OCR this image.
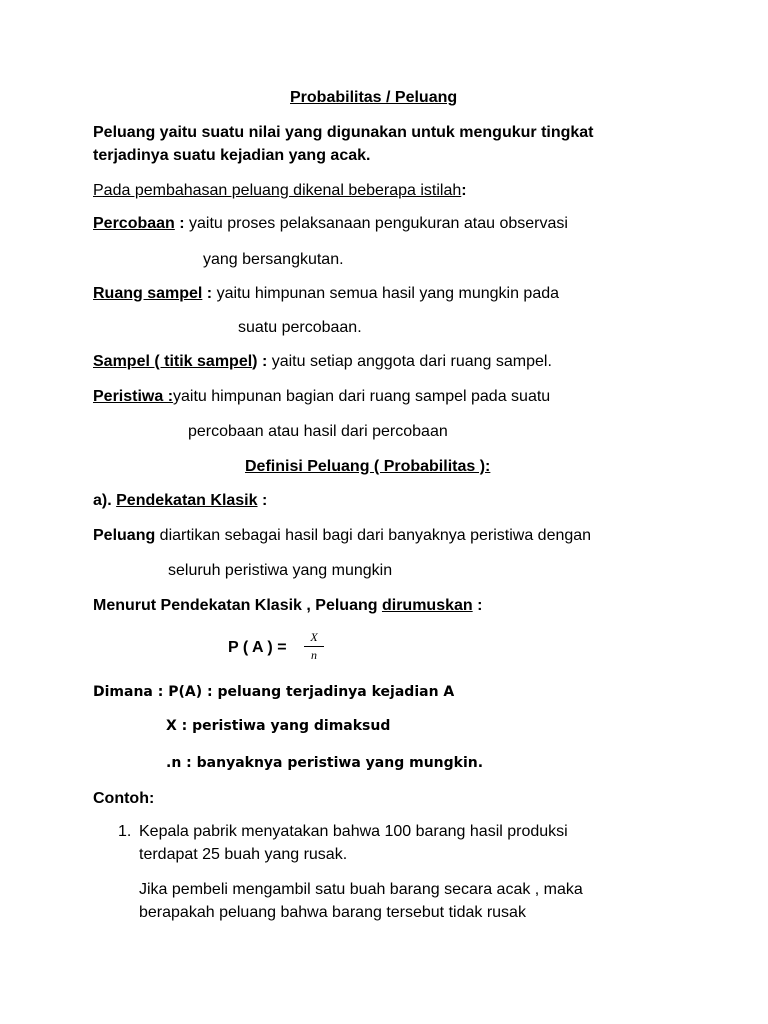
Probabilitas / Peluang
Peluang yaitu suatu nilai yang digunakan untuk mengukur tingkat
terjadinya suatu kejadian yang acak.
Pada pembahasan peluang dikenal beberapa istilah:
Percobaan : yaitu proses pelaksanaan pengukuran atau observasi
yang bersangkutan.
Ruang sampel : yaitu himpunan semua hasil yang mungkin pada
suatu percobaan.
Sampel ( titik sampel) : yaitu setiap anggota dari ruang sampel.
Peristiwa :yaitu himpunan bagian dari ruang sampel pada suatu
percobaan atau hasil dari percobaan
Definisi Peluang ( Probabilitas ):
a). Pendekatan Klasik :
Peluang diartikan sebagai hasil bagi dari banyaknya peristiwa dengan
seluruh peristiwa yang mungkin
Menurut Pendekatan Klasik , Peluang dirumuskan :
P ( A ) =
X
n
Dimana : P(A) : peluang terjadinya kejadian A
X : peristiwa yang dimaksud
.n : banyaknya peristiwa yang mungkin.
Contoh:
1. Kepala pabrik menyatakan bahwa 100 barang hasil produksi
terdapat 25 buah yang rusak.
Jika pembeli mengambil satu buah barang secara acak , maka
berapakah peluang bahwa barang tersebut tidak rusak
